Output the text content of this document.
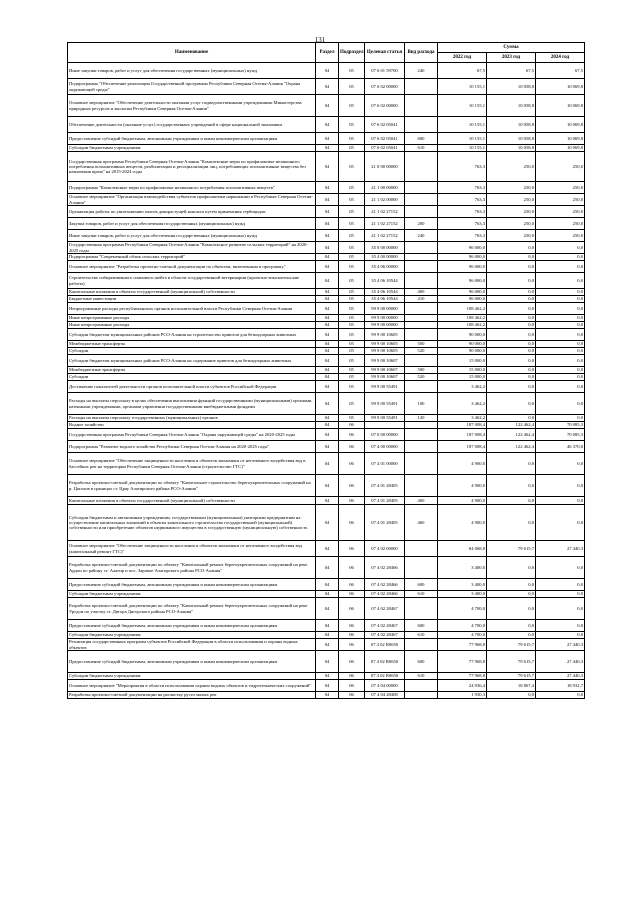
131
Наименование	Раздел	Подраздел	Целевая статья	Вид расхода	Сумма		
					2022 год	2023 год	2024 год
Иные закупки товаров, работ и услуг для обеспечения государственных (муниципальных) нужд	04	05	07 6 01 59700	240	67,5	67,5	67,5
Подпрограмма "Обеспечение реализации Государственной программы Республики Северная Осетия-Алания "Охрана окружающей среды"	04	05	07 6 02 00000		10 155,1	10 058,8	10 069,8
Основное мероприятие "Обеспечение деятельности оказания услуг подведомственными учреждениями Министерства природных ресурсов и экологии Республики Северная Осетия-Алания"	04	05	07 6 02 00000		10 155,1	10 058,8	10 069,8
Обеспечение деятельности (оказание услуг) государственных учреждений в сфере национальной экономики	04	05	07 6 02 05041		10 155,1	10 058,8	10 069,8
Предоставление субсидий бюджетным, автономным учреждениям и иным некоммерческим организациям	04	05	07 6 02 05041	600	10 155,1	10 058,8	10 069,8
Субсидии бюджетным учреждениям	04	05	07 6 02 05041	610	10 155,1	10 058,8	10 069,8
Государственная программа Республики Северная Осетия-Алания "Комплексные меры по профилактике незаконного потребления психоактивных веществ, реабилитации и ресоциализации лиц, потребляющих психоактивные вещества без назначения врача" на 2015-2024 годы	04	05	21 0 00 00000		763,3	250,0	250,0
Подпрограмма "Комплексные меры по профилактике незаконного потребления психоактивных веществ"	04	05	21 1 00 00000		763,3	250,0	250,0
Основное мероприятие "Организация взаимодействия субъектов профилактики наркомании в Республике Северная Осетия-Алания"	04	05	21 1 02 00000		763,3	250,0	250,0
Организация работы по уничтожению очагов дикорастущей конопли путем применения гербицидов	04	05	21 1 02 27152		763,3	250,0	250,0
Закупка товаров, работ и услуг для обеспечения государственных (муниципальных) нужд	04	05	21 1 02 27152	200	763,3	250,0	250,0
Иные закупки товаров, работ и услуг для обеспечения государственных (муниципальных) нужд	04	05	21 1 02 27152	240	763,3	250,0	250,0
Государственная программа Республики Северная Осетия-Алания "Комплексное развитие сельских территорий" на 2020-2025 годы	04	05	35 0 00 00000		96 000,0	0,0	0,0
Подпрограмма "Современный облик сельских территорий"	04	05	35 4 00 00000		96 000,0	0,0	0,0
Основное мероприятие "Разработка проектно-сметной документации по объектам, включенным в программу"	04	05	35 4 06 00000		96 000,0	0,0	0,0
Строительство сибиреязвенного планового шейта в области государственной ветеринарии (проектно-изыскательские работы)	04	05	35 4 06 10544		96 000,0	0,0	0,0
Капитальные вложения в объекты государственной (муниципальной) собственности	04	05	35 4 06 10544	400	96 000,0	0,0	0,0
Бюджетные инвестиции	04	05	35 4 06 10544	410	96 000,0	0,0	0,0
Непрограммные расходы республиканских органов исполнительной власти Республики Северная Осетия-Алания	04	05	99 9 00 00000		108 462,2	0,0	0,0
Иные непрограммные расходы	04	05	99 9 00 00000		108 462,2	0,0	0,0
Иные непрограммные расходы	04	05	99 9 00 00000		108 462,2	0,0	0,0
Субсидии бюджетам муниципальных районов РСО-Алания на строительство приютов для безнадзорных животных	04	05	99 9 00 10605		90 000,0	0,0	0,0
Межбюджетные трансферты	04	05	99 9 00 10605	500	90 000,0	0,0	0,0
Субсидии	04	05	99 9 00 10605	520	90 000,0	0,0	0,0
Субсидии бюджетам муниципальных районов РСО-Алания на содержание приютов для безнадзорных животных	04	05	99 9 00 10607		15 000,0	0,0	0,0
Межбюджетные трансферты	04	05	99 9 00 10607	500	15 000,0	0,0	0,0
Субсидии	04	05	99 9 00 10607	520	15 000,0	0,0	0,0
Достижение показателей деятельности органов исполнительной власти субъектов Российской Федерации	04	05	99 9 00 55491		3 462,2	0,0	0,0
Расходы на выплаты персоналу в целях обеспечения выполнения функций государственными (муниципальными) органами, казенными учреждениями, органами управления государственными внебюджетными фондами	04	05	99 9 00 55491	100	3 462,2	0,0	0,0
Расходы на выплаты персоналу государственных (муниципальных) органов	04	05	99 9 00 55491	120	3 462,2	0,0	0,0
Водное хозяйство	04	06			187 008,4	122 462,4	70 085,3
Государственная программа Республики Северная Осетия-Алания "Охрана окружающей среды" на 2020-2025 годы	04	06	07 0 00 00000		187 008,4	122 462,4	70 085,3
Подпрограмма "Развитие водного хозяйства Республики Северная Осетия-Алания на 2020-2025 годы"	04	06	07 4 00 00000		187 008,4	122 462,4	46 370,0
Основное мероприятие "Обеспечение защищенности населения и объектов экономики от негативного воздействия вод в бассейнах рек на территории Республики Северная Осетия-Алания (строительство ГТС)"	04	06	07 4 01 00000		4 900,0	0,0	0,0
Разработка проектно-сметной документации по объекту "Капитальное строительство берегоукрепительных сооружений на р. Цаголов в границах ст. Црау Алагирского района РСО-Алания"	04	06	07 4 01 28405		4 900,0	0,0	0,0
Капитальные вложения в объекты государственной (муниципальной) собственности	04	06	07 4 01 28405	400	4 900,0	0,0	0,0
Субсидии бюджетным и автономным учреждениям, государственным (муниципальным) унитарным предприятиям на осуществление капитальных вложений в объекты капитального строительства государственной (муниципальной) собственности или приобретение объектов недвижимого имущества в государственную (муниципальную) собственность	04	06	07 4 01 28405	460	4 900,0	0,0	0,0
Основное мероприятие "Обеспечение защищенности населения и объектов экономики от негативного воздействия вод (капитальный ремонт ГТС)"	04	06	07 4 02 00000		84 068,8	79 615,7	27 440,3
Разработка проектно-сметной документации по объекту "Капитальный ремонт берегоукрепительных сооружений на реке Ардон по району ст. Алагир и пос. Зарамаг Алагирского района РСО-Алания"	04	06	07 4 02 28466		3 400,0	0,0	0,0
Предоставление субсидий бюджетным, автономным учреждениям и иным некоммерческим организациям	04	06	07 4 02 28466	600	3 400,0	0,0	0,0
Субсидии бюджетным учреждениям	04	06	07 4 02 28466	610	3 400,0	0,0	0,0
Разработка проектно-сметной документации по объекту "Капитальный ремонт берегоукрепительных сооружений на реке Урсдон по участку ст. Дигора Дигорского района РСО-Алания"	04	06	07 4 02 28467		4 700,0	0,0	0,0
Предоставление субсидий бюджетным, автономным учреждениям и иным некоммерческим организациям	04	06	07 4 02 28467	600	4 700,0	0,0	0,0
Субсидии бюджетным учреждениям	04	06	07 4 02 28467	610	4 700,0	0,0	0,0
Реализация государственных программ субъектов Российской Федерации в области использования и охраны водных объектов	04	06	07 4 02 R0650		77 968,8	79 615,7	27 440,3
Предоставление субсидий бюджетным, автономным учреждениям и иным некоммерческим организациям	04	06	07 4 02 R0650	600	77 968,8	79 615,7	27 440,3
Субсидии бюджетным учреждениям	04	06	07 4 02 R0650	610	77 968,8	79 615,7	27 440,3
Основное мероприятие "Мероприятия в области использования охраны водных объектов и гидротехнических сооружений"	04	06	07 4 04 00000		24 936,4	18 867,4	18 932,7
Разработка проектно-сметной документации на расчистку русел малых рек	04	06	07 4 04 28408		1 930,3	0,0	0,0
